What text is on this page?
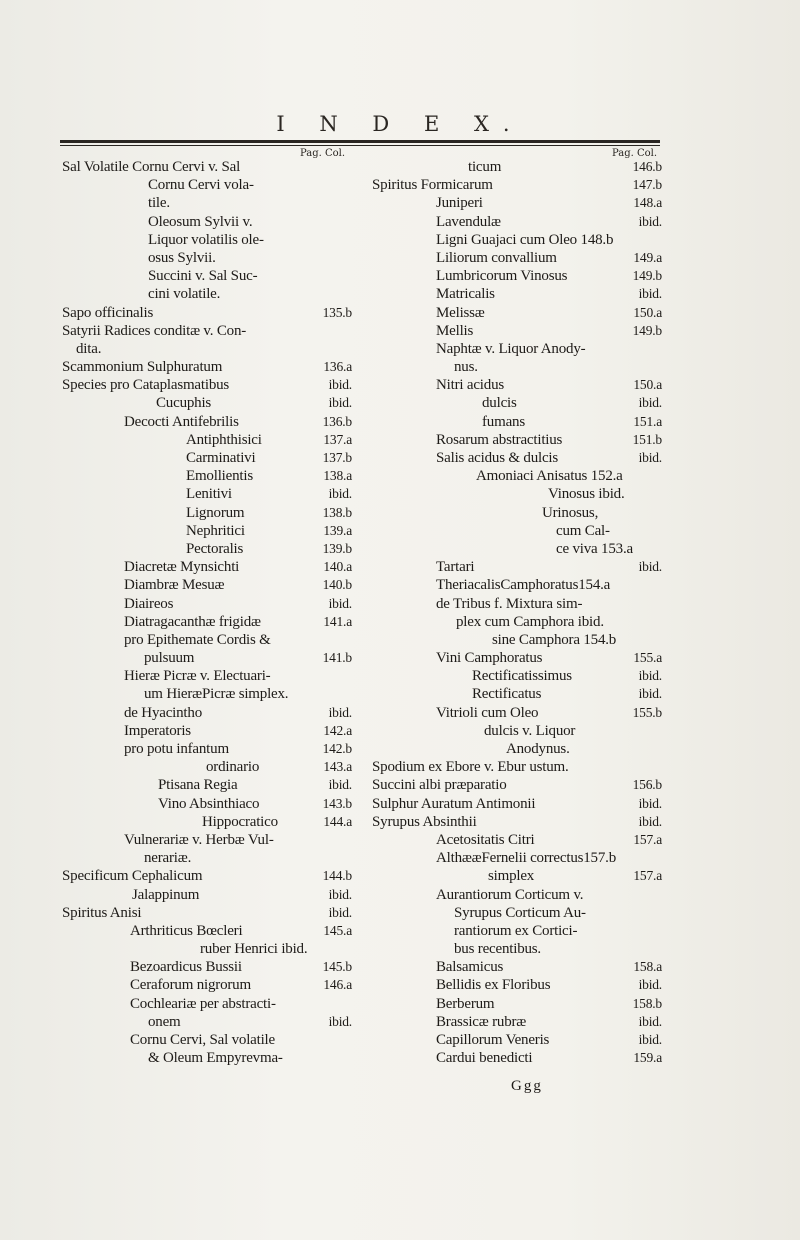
I N D E X.
Pag. Col.	Pag. Col.
Sal Volatile Cornu Cervi v. Sal
Cornu Cervi vola-
tile.
Oleosum Sylvii v.
Liquor volatilis ole-
osus Sylvii.
Succini v. Sal Suc-
cini volatile.
Sapo officinalis	135.b
Satyrii Radices conditæ v. Con-
dita.
Scammonium Sulphuratum	136.a
Species pro Cataplasmatibus	ibid.
Cucuphis	ibid.
Decocti Antifebrilis	136.b
Antiphthisici	137.a
Carminativi	137.b
Emollientis	138.a
Lenitivi	ibid.
Lignorum	138.b
Nephritici	139.a
Pectoralis	139.b
Diacretæ Mynsichti	140.a
Diambræ Mesuæ	140.b
Diaireos	ibid.
Diatragacanthæ frigidæ	141.a
pro Epithemate Cordis &
pulsuum	141.b
Hieræ Picræ v. Electuari-
um HieræPicræ simplex.
de Hyacintho	ibid.
Imperatoris	142.a
pro potu infantum	142.b
ordinario	143.a
Ptisana Regia	ibid.
Vino Absinthiaco	143.b
Hippocratico	144.a
Vulnerariæ v. Herbæ Vul-
nerariæ.
Specificum Cephalicum	144.b
Jalappinum	ibid.
Spiritus Anisi	ibid.
Arthriticus Bœcleri	145.a
ruber Henrici ibid.
Bezoardicus Bussii	145.b
Ceraforum nigrorum	146.a
Cochleariæ per abstracti-
onem	ibid.
Cornu Cervi, Sal volatile
& Oleum Empyrevma-
ticum	146.b
Spiritus Formicarum	147.b
Juniperi	148.a
Lavendulæ	ibid.
Ligni Guajaci cum Oleo 148.b
Liliorum convallium	149.a
Lumbricorum Vinosus	149.b
Matricalis	ibid.
Melissæ	150.a
Mellis	149.b
Naphtæ v. Liquor Anody-
nus.
Nitri acidus	150.a
dulcis	ibid.
fumans	151.a
Rosarum abstractitius	151.b
Salis acidus & dulcis	ibid.
Amoniaci Anisatus 152.a
Vinosus ibid.
Urinosus,
cum Cal-
ce viva 153.a
Tartari	ibid.
TheriacalisCamphoratus154.a
de Tribus f. Mixtura sim-
plex cum Camphora ibid.
sine Camphora 154.b
Vini Camphoratus	155.a
Rectificatissimus	ibid.
Rectificatus	ibid.
Vitrioli cum Oleo	155.b
dulcis v. Liquor
Anodynus.
Spodium ex Ebore v. Ebur ustum.
Succini albi præparatio	156.b
Sulphur Auratum Antimonii	ibid.
Syrupus Absinthii	ibid.
Acetositatis Citri	157.a
AlthææFernelii correctus157.b
simplex	157.a
Aurantiorum Corticum v.
Syrupus Corticum Au-
rantiorum ex Cortici-
bus recentibus.
Balsamicus	158.a
Bellidis ex Floribus	ibid.
Berberum	158.b
Brassicæ rubræ	ibid.
Capillorum Veneris	ibid.
Cardui benedicti	159.a
Ggg
